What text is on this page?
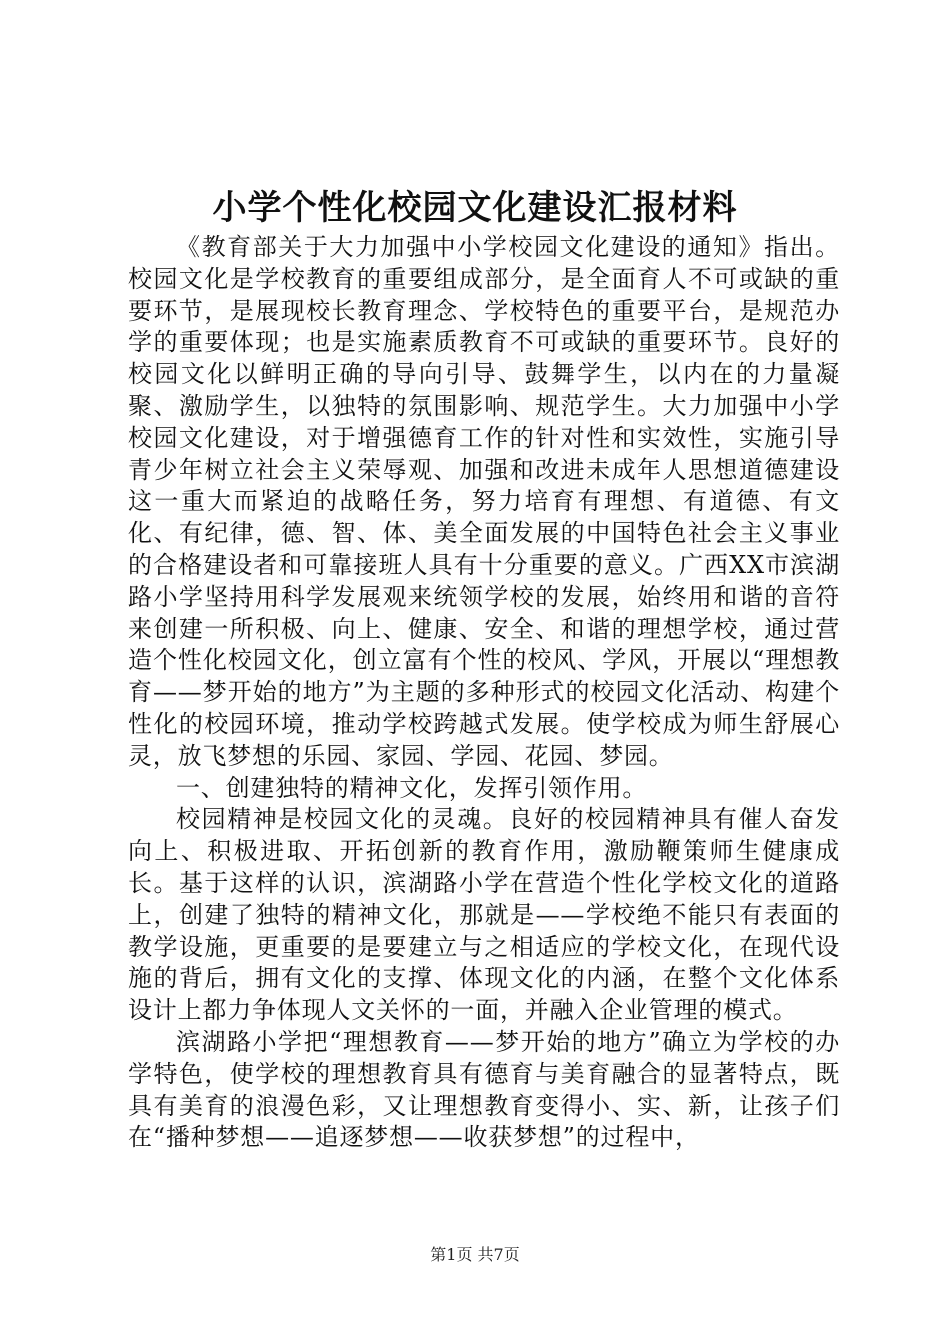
小学个性化校园文化建设汇报材料

《教育部关于大力加强中小学校园文化建设的通知》指出。校园文化是学校教育的重要组成部分，是全面育人不可或缺的重要环节，是展现校长教育理念、学校特色的重要平台，是规范办学的重要体现；也是实施素质教育不可或缺的重要环节。良好的校园文化以鲜明正确的导向引导、鼓舞学生，以内在的力量凝聚、激励学生，以独特的氛围影响、规范学生。大力加强中小学校园文化建设，对于增强德育工作的针对性和实效性，实施引导青少年树立社会主义荣辱观、加强和改进未成年人思想道德建设这一重大而紧迫的战略任务，努力培育有理想、有道德、有文化、有纪律，德、智、体、美全面发展的中国特色社会主义事业的合格建设者和可靠接班人具有十分重要的意义。广西XX市滨湖路小学坚持用科学发展观来统领学校的发展，始终用和谐的音符来创建一所积极、向上、健康、安全、和谐的理想学校，通过营造个性化校园文化，创立富有个性的校风、学风，开展以“理想教育——梦开始的地方”为主题的多种形式的校园文化活动、构建个性化的校园环境，推动学校跨越式发展。使学校成为师生舒展心灵，放飞梦想的乐园、家园、学园、花园、梦园。

一、创建独特的精神文化，发挥引领作用。

校园精神是校园文化的灵魂。良好的校园精神具有催人奋发向上、积极进取、开拓创新的教育作用，激励鞭策师生健康成长。基于这样的认识，滨湖路小学在营造个性化学校文化的道路上，创建了独特的精神文化，那就是——学校绝不能只有表面的教学设施，更重要的是要建立与之相适应的学校文化，在现代设施的背后，拥有文化的支撑、体现文化的内涵，在整个文化体系设计上都力争体现人文关怀的一面，并融入企业管理的模式。

滨湖路小学把“理想教育——梦开始的地方”确立为学校的办学特色，使学校的理想教育具有德育与美育融合的显著特点，既具有美育的浪漫色彩，又让理想教育变得小、实、新，让孩子们在“播种梦想——追逐梦想——收获梦想”的过程中，

第1页 共7页
